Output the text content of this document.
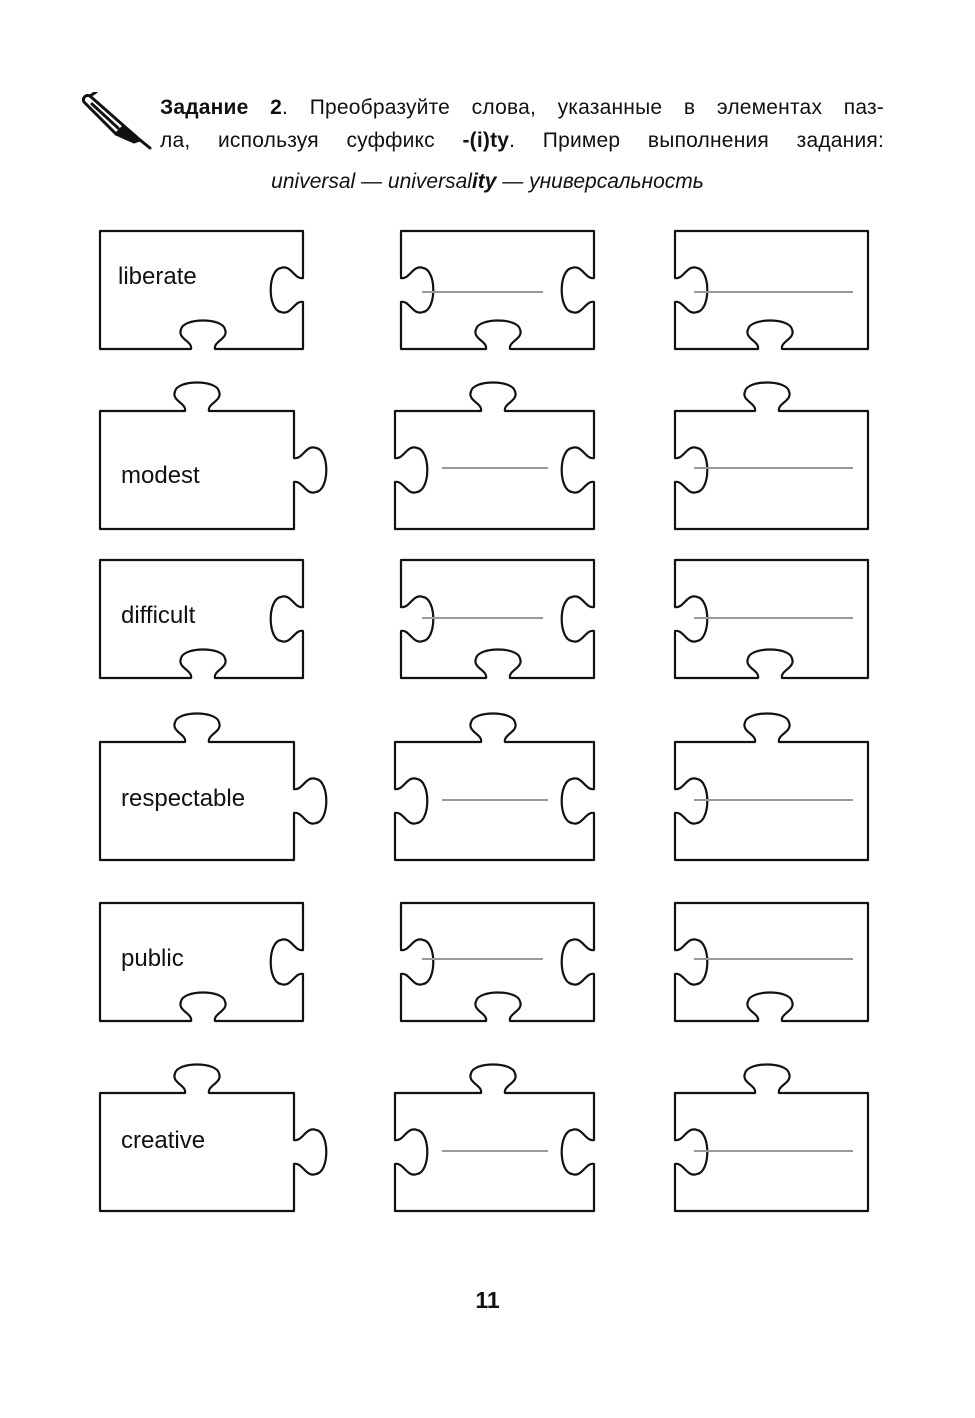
Задание 2. Преобразуйте слова, указанные в элементах паз-
ла, используя суффикс -(i)ty. Пример выполнения задания:
universal — universality — универсальность
liberate
modest
difficult
respectable
public
creative
11
